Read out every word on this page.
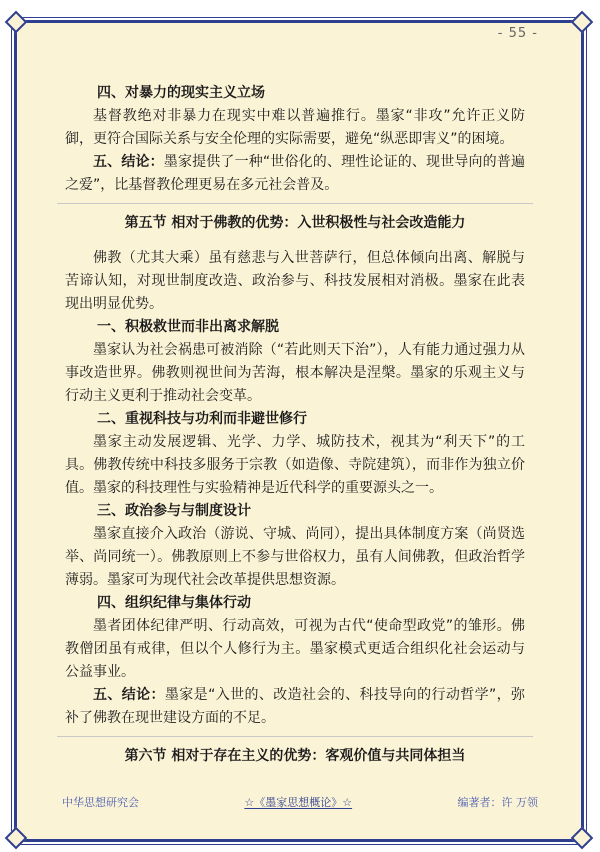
- 55 -

四、对暴力的现实主义立场

基督教绝对非暴力在现实中难以普遍推行。墨家“非攻”允许正义防御，更符合国际关系与安全伦理的实际需要，避免“纵恶即害义”的困境。

五、结论：墨家提供了一种“世俗化的、理性论证的、现世导向的普遍之爱”，比基督教伦理更易在多元社会普及。

第五节 相对于佛教的优势：入世积极性与社会改造能力

佛教（尤其大乘）虽有慈悲与入世菩萨行，但总体倾向出离、解脱与苦谛认知，对现世制度改造、政治参与、科技发展相对消极。墨家在此表现出明显优势。

一、积极救世而非出离求解脱

墨家认为社会祸患可被消除（“若此则天下治”），人有能力通过强力从事改造世界。佛教则视世间为苦海，根本解决是涅槃。墨家的乐观主义与行动主义更利于推动社会变革。

二、重视科技与功利而非避世修行

墨家主动发展逻辑、光学、力学、城防技术，视其为“利天下”的工具。佛教传统中科技多服务于宗教（如造像、寺院建筑），而非作为独立价值。墨家的科技理性与实验精神是近代科学的重要源头之一。

三、政治参与与制度设计

墨家直接介入政治（游说、守城、尚同），提出具体制度方案（尚贤选举、尚同统一）。佛教原则上不参与世俗权力，虽有人间佛教，但政治哲学薄弱。墨家可为现代社会改革提供思想资源。

四、组织纪律与集体行动

墨者团体纪律严明、行动高效，可视为古代“使命型政党”的雏形。佛教僧团虽有戒律，但以个人修行为主。墨家模式更适合组织化社会运动与公益事业。

五、结论：墨家是“入世的、改造社会的、科技导向的行动哲学”，弥补了佛教在现世建设方面的不足。

第六节 相对于存在主义的优势：客观价值与共同体担当

中华思想研究会	☆《墨家思想概论》☆	编著者：许 万领
